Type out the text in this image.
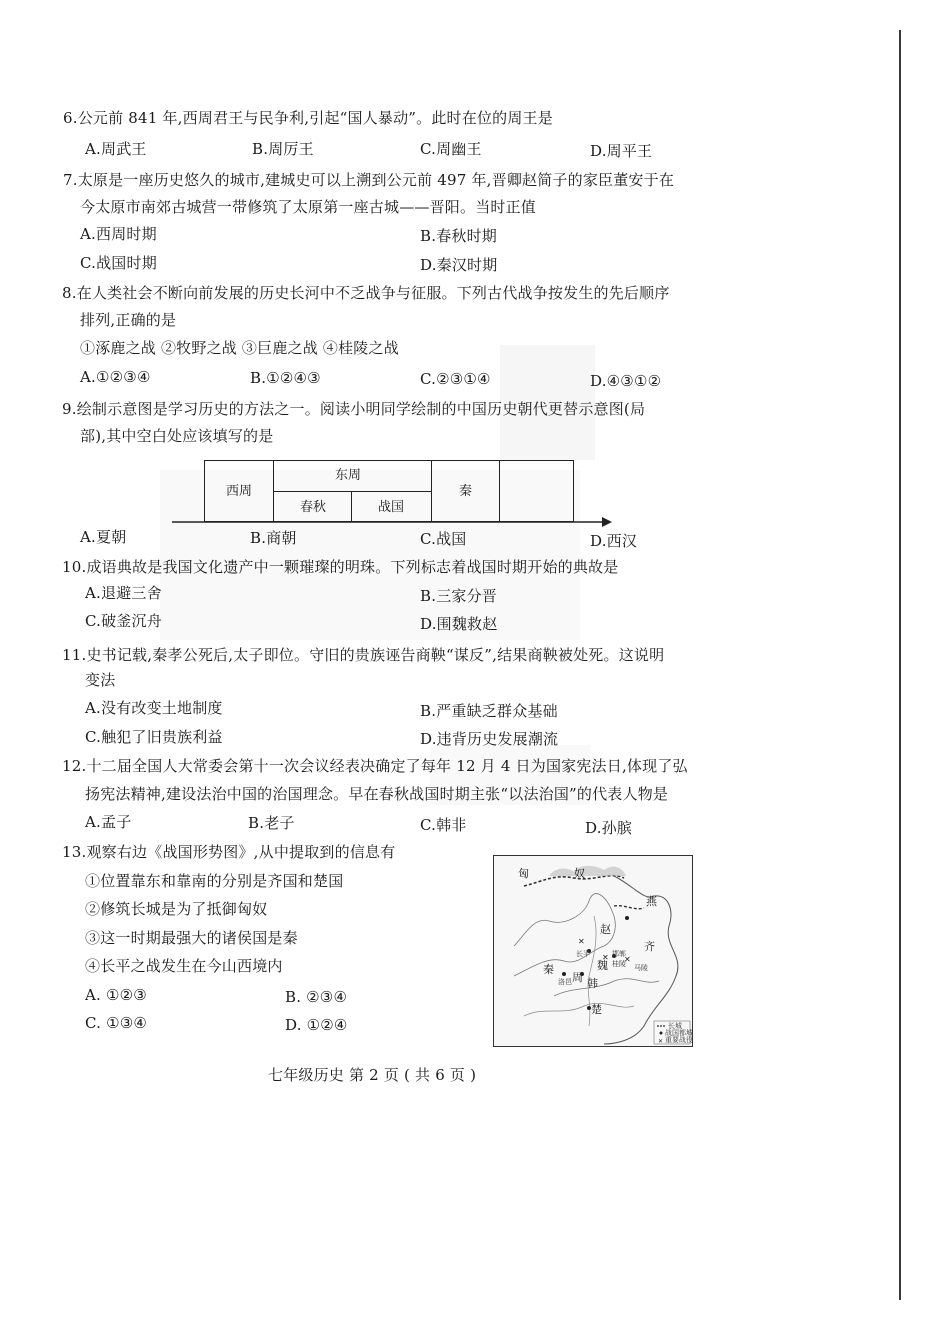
6.公元前 841 年,西周君王与民争利,引起“国人暴动”。此时在位的周王是
A.周武王	B.周厉王	C.周幽王	D.周平王
7.太原是一座历史悠久的城市,建城史可以上溯到公元前 497 年,晋卿赵简子的家臣董安于在
今太原市南郊古城营一带修筑了太原第一座古城——晋阳。当时正值
A.西周时期	B.春秋时期
C.战国时期	D.秦汉时期
8.在人类社会不断向前发展的历史长河中不乏战争与征服。下列古代战争按发生的先后顺序
排列,正确的是
①涿鹿之战 ②牧野之战 ③巨鹿之战 ④桂陵之战
A.①②③④	B.①②④③	C.②③①④	D.④③①②
9.绘制示意图是学习历史的方法之一。阅读小明同学绘制的中国历史朝代更替示意图(局
部),其中空白处应该填写的是
西周
东周
春秋	战国
秦
A.夏朝	B.商朝	C.战国	D.西汉
10.成语典故是我国文化遗产中一颗璀璨的明珠。下列标志着战国时期开始的典故是
A.退避三舍	B.三家分晋
C.破釜沉舟	D.围魏救赵
11.史书记载,秦孝公死后,太子即位。守旧的贵族诬告商鞅“谋反”,结果商鞅被处死。这说明
变法
A.没有改变土地制度	B.严重缺乏群众基础
C.触犯了旧贵族利益	D.违背历史发展潮流
12.十二届全国人大常委会第十一次会议经表决确定了每年 12 月 4 日为国家宪法日,体现了弘
扬宪法精神,建设法治中国的治国理念。早在春秋战国时期主张“以法治国”的代表人物是
A.孟子	B.老子	C.韩非	D.孙膑
13.观察右边《战国形势图》,从中提取到的信息有
①位置靠东和靠南的分别是齐国和楚国
②修筑长城是为了抵御匈奴
③这一时期最强大的诸侯国是秦
④长平之战发生在今山西境内
A. ①②③	B. ②③④
C. ①③④	D. ①②④
✕
✕ ✕
✕
匈	奴
燕
赵
齐
魏
秦
周 韩
楚
长平	邯郸
桂陵 马陵
洛邑
长城
战国都城
重要战役
七年级历史 第 2 页 ( 共 6 页 )
